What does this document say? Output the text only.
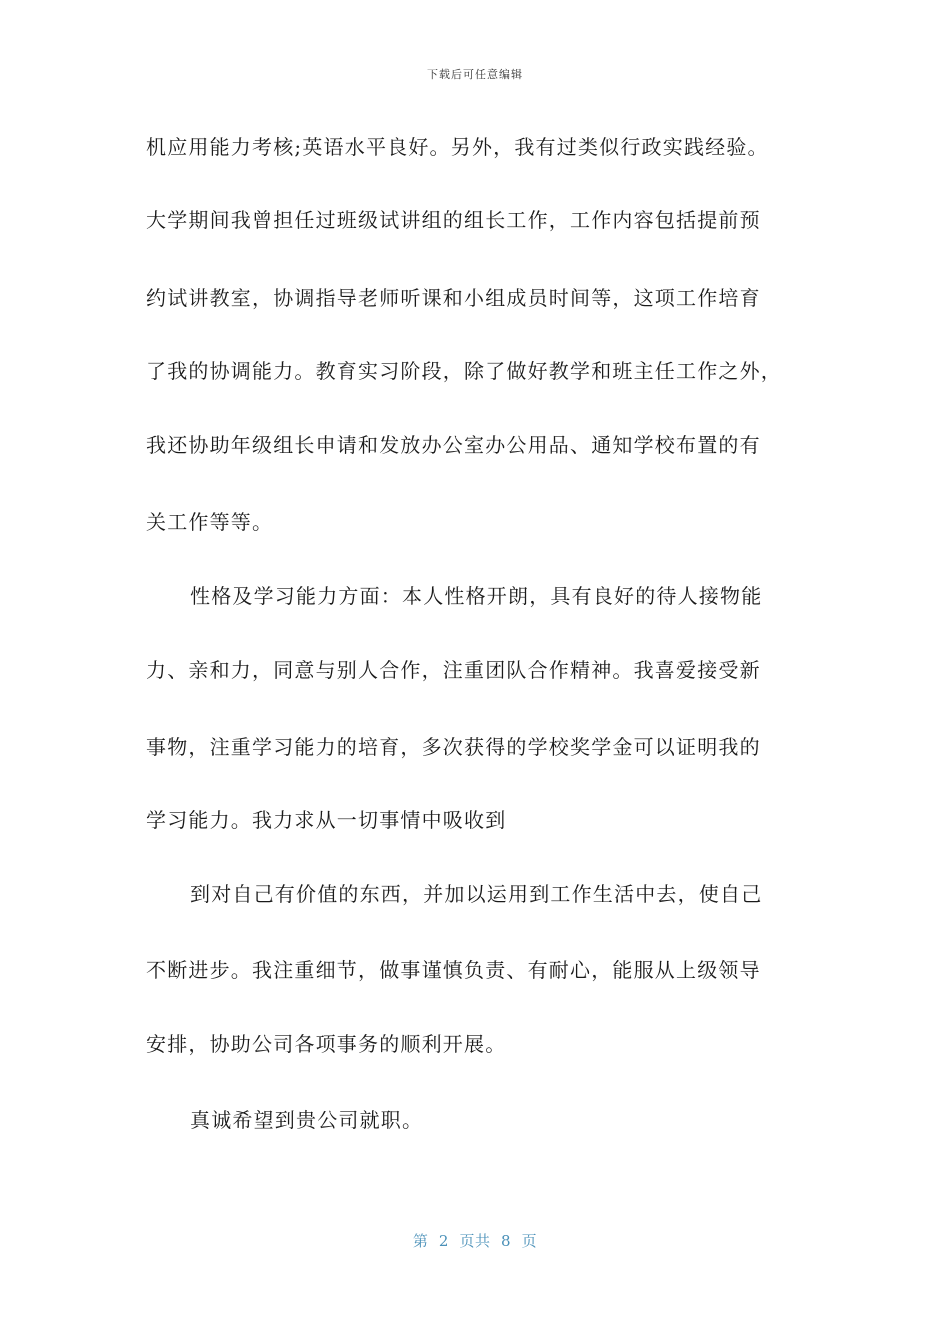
下载后可任意编辑
机应用能力考核;英语水平良好。另外，我有过类似行政实践经验。
大学期间我曾担任过班级试讲组的组长工作，工作内容包括提前预
约试讲教室，协调指导老师听课和小组成员时间等，这项工作培育
了我的协调能力。教育实习阶段，除了做好教学和班主任工作之外，
我还协助年级组长申请和发放办公室办公用品、通知学校布置的有
关工作等等。
性格及学习能力方面：本人性格开朗，具有良好的待人接物能
力、亲和力，同意与别人合作，注重团队合作精神。我喜爱接受新
事物，注重学习能力的培育，多次获得的学校奖学金可以证明我的
学习能力。我力求从一切事情中吸收到
到对自己有价值的东西，并加以运用到工作生活中去，使自己
不断进步。我注重细节，做事谨慎负责、有耐心，能服从上级领导
安排，协助公司各项事务的顺利开展。
真诚希望到贵公司就职。
第  2  页共  8  页
